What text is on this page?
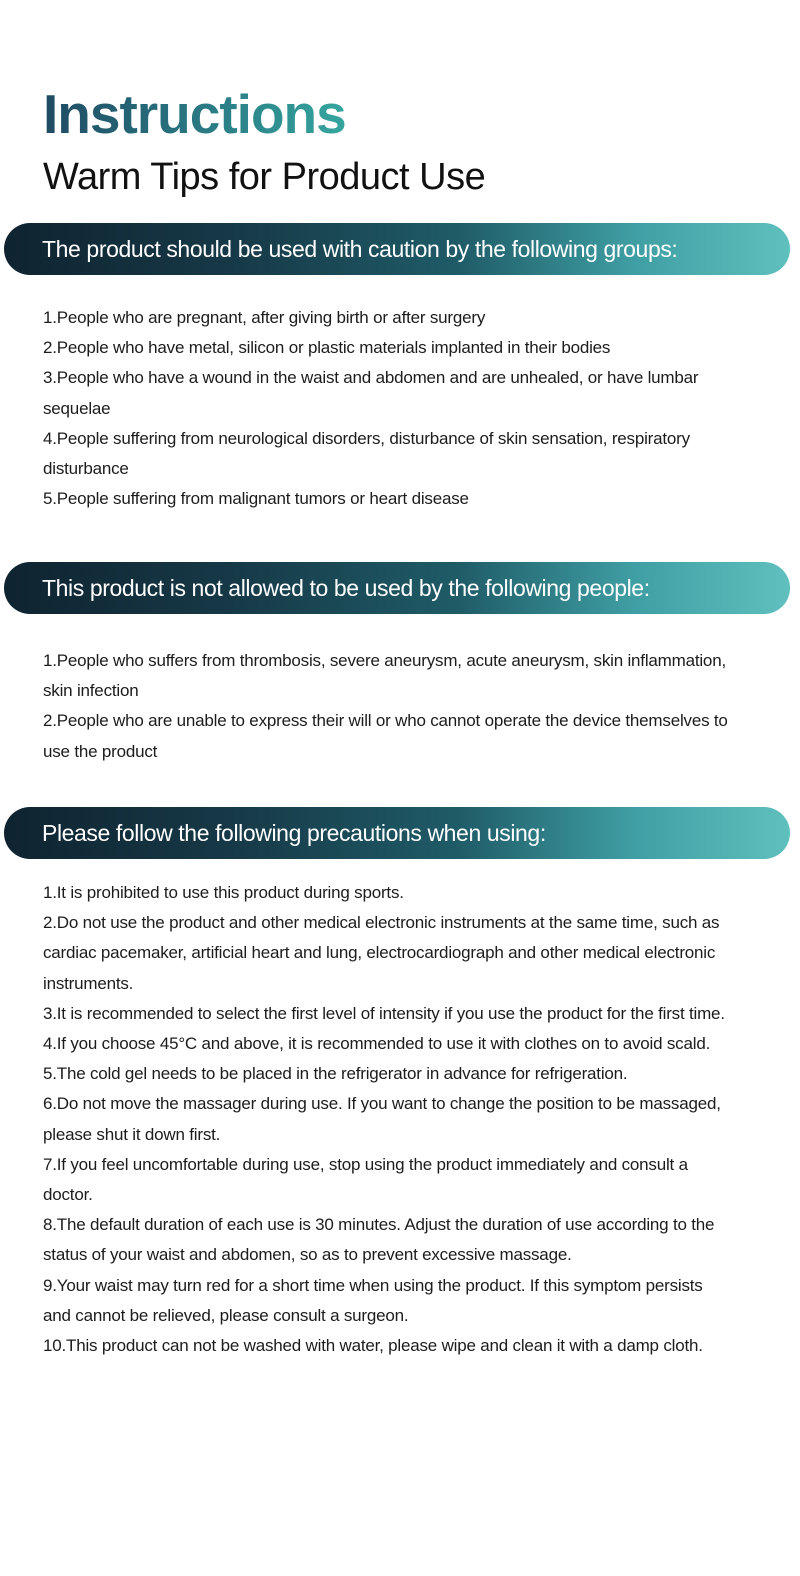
Instructions
Warm Tips for Product Use
The product should be used with caution by the following groups:
1.People who are pregnant, after giving birth or after surgery
2.People who have metal, silicon or plastic materials implanted in their bodies
3.People who have a wound in the waist and abdomen and are unhealed, or have lumbar sequelae
4.People suffering from neurological disorders, disturbance of skin sensation, respiratory disturbance
5.People suffering from malignant tumors or heart disease
This product is not allowed to be used by the following people:
1.People who suffers from thrombosis, severe aneurysm, acute aneurysm, skin inflammation, skin infection
2.People who are unable to express their will or who cannot operate the device themselves to use the product
Please follow the following precautions when using:
1.It is prohibited to use this product during sports.
2.Do not use the product and other medical electronic instruments at the same time, such as cardiac pacemaker, artificial heart and lung, electrocardiograph and other medical electronic instruments.
3.It is recommended to select the first level of intensity if you use the product for the first time.
4.If you choose 45°C and above, it is recommended to use it with clothes on to avoid scald.
5.The cold gel needs to be placed in the refrigerator in advance for refrigeration.
6.Do not move the massager during use. If you want to change the position to be massaged, please shut it down first.
7.If you feel uncomfortable during use, stop using the product immediately and consult a doctor.
8.The default duration of each use is 30 minutes. Adjust the duration of use according to the status of your waist and abdomen, so as to prevent excessive massage.
9.Your waist may turn red for a short time when using the product. If this symptom persists and cannot be relieved, please consult a surgeon.
10.This product can not be washed with water, please wipe and clean it with a damp cloth.
